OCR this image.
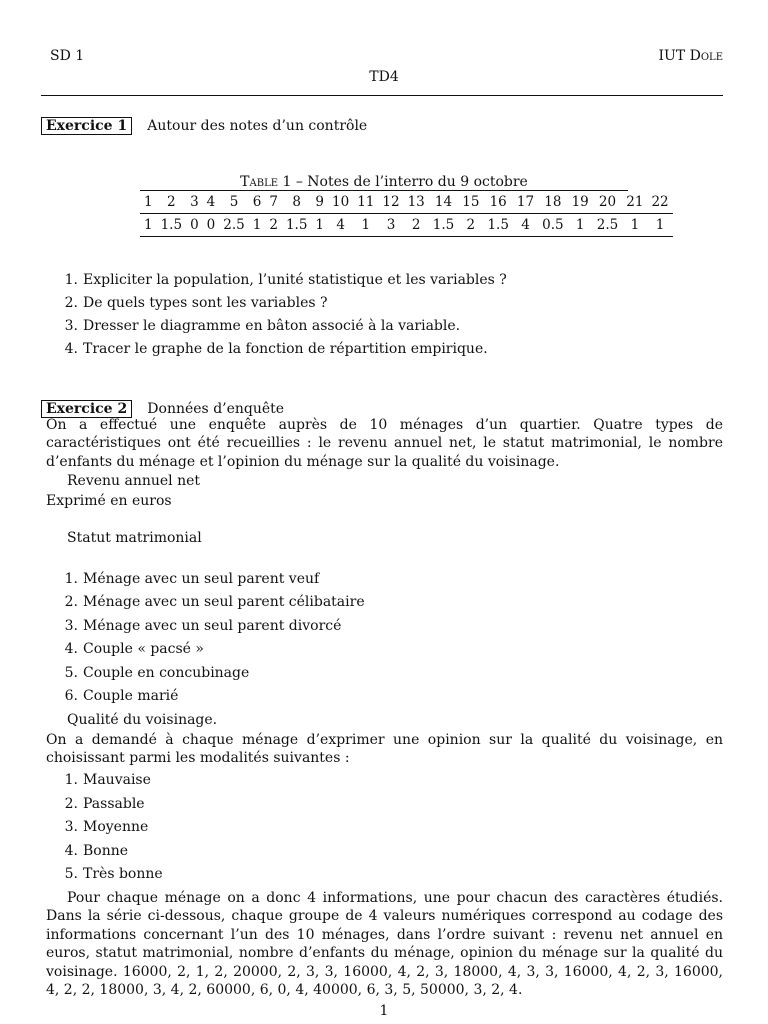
SD 1	IUT Dole
TD4
Exercice 1 Autour des notes d’un contrôle
Table 1 – Notes de l’interro du 9 octobre
1	2	3	4	5	6	7	8	9	10	11	12	13	14	15	16	17	18	19	20	21	22
1	1.5	0	0	2.5	1	2	1.5	1	4	1	3	2	1.5	2	1.5	4	0.5	1	2.5	1	1
1. Expliciter la population, l’unité statistique et les variables ?
2. De quels types sont les variables ?
3. Dresser le diagramme en bâton associé à la variable.
4. Tracer le graphe de la fonction de répartition empirique.
Exercice 2 Données d’enquête
On a effectué une enquête auprès de 10 ménages d’un quartier. Quatre types de caractéristiques ont été recueillies : le revenu annuel net, le statut matrimonial, le nombre d’enfants du ménage et l’opinion du ménage sur la qualité du voisinage.
Revenu annuel net
Exprimé en euros
Statut matrimonial
1. Ménage avec un seul parent veuf
2. Ménage avec un seul parent célibataire
3. Ménage avec un seul parent divorcé
4. Couple « pacsé »
5. Couple en concubinage
6. Couple marié
Qualité du voisinage.
On a demandé à chaque ménage d’exprimer une opinion sur la qualité du voisinage, en choisissant parmi les modalités suivantes :
1. Mauvaise
2. Passable
3. Moyenne
4. Bonne
5. Très bonne
Pour chaque ménage on a donc 4 informations, une pour chacun des caractères étudiés. Dans la série ci-dessous, chaque groupe de 4 valeurs numériques correspond au codage des informations concernant l’un des 10 ménages, dans l’ordre suivant : revenu net annuel en euros, statut matrimonial, nombre d’enfants du ménage, opinion du ménage sur la qualité du voisinage. 16000, 2, 1, 2, 20000, 2, 3, 3, 16000, 4, 2, 3, 18000, 4, 3, 3, 16000, 4, 2, 3, 16000, 4, 2, 2, 18000, 3, 4, 2, 60000, 6, 0, 4, 40000, 6, 3, 5, 50000, 3, 2, 4.
1
